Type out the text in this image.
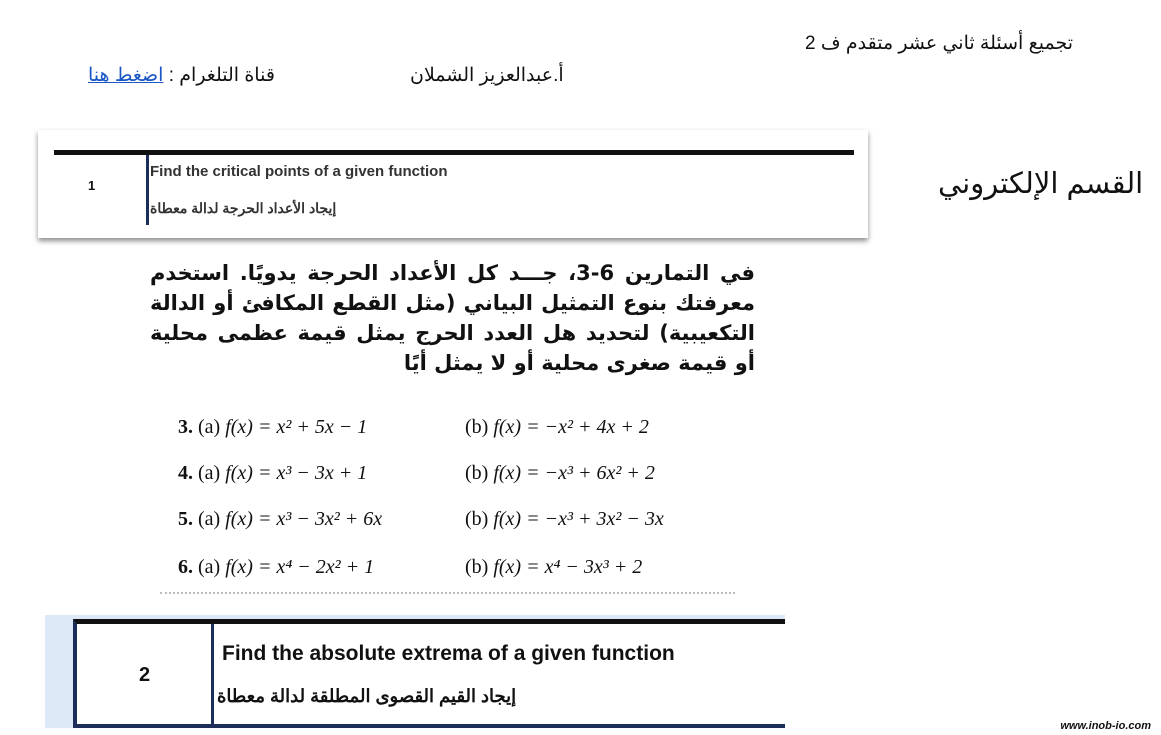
تجميع أسئلة ثاني عشر متقدم ف 2
أ.عبدالعزيز الشملان
قناة التلغرام : اضغط هنا
القسم الإلكتروني
1
Find the critical points of a given function
إيجاد الأعداد الحرجة لدالة معطاة
في التمارين 6-3، جـــد كل الأعداد الحرجة يدويًا. استخدم معرفتك بنوع التمثيل البياني (مثل القطع المكافئ أو الدالة التكعيبية) لتحديد هل العدد الحرج يمثل قيمة عظمى محلية أو قيمة صغرى محلية أو لا يمثل أيًا
3. (a) f(x) = x² + 5x − 1	(b) f(x) = −x² + 4x + 2
4. (a) f(x) = x³ − 3x + 1	(b) f(x) = −x³ + 6x² + 2
5. (a) f(x) = x³ − 3x² + 6x	(b) f(x) = −x³ + 3x² − 3x
6. (a) f(x) = x⁴ − 2x² + 1	(b) f(x) = x⁴ − 3x³ + 2
2
Find the absolute extrema of a given function
إيجاد القيم القصوى المطلقة لدالة معطاة
www.inob-io.com
